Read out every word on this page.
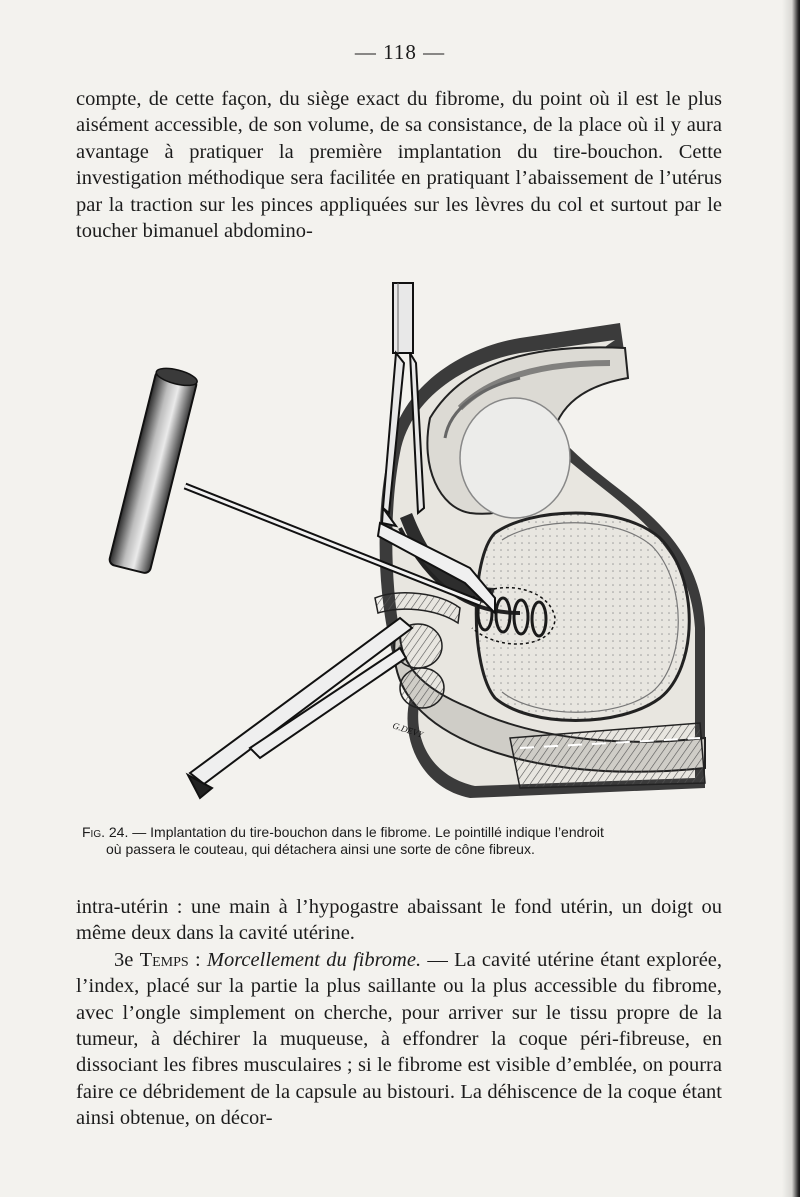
— 118 —

compte, de cette façon, du siège exact du fibrome, du point où il est le plus aisément accessible, de son volume, de sa consistance, de la place où il y aura avantage à pratiquer la première implantation du tire-bouchon. Cette investigation méthodique sera facilitée en pratiquant l’abaissement de l’utérus par la traction sur les pinces appliquées sur les lèvres du col et surtout par le toucher bimanuel abdomino-

G.DEVY
Fig. 24. — Implantation du tire-bouchon dans le fibrome. Le pointillé indique l’endroit
où passera le couteau, qui détachera ainsi une sorte de cône fibreux.

intra-utérin : une main à l’hypogastre abaissant le fond utérin, un doigt ou même deux dans la cavité utérine.

3e Temps : Morcellement du fibrome. — La cavité utérine étant explorée, l’index, placé sur la partie la plus saillante ou la plus accessible du fibrome, avec l’ongle simplement on cherche, pour arriver sur le tissu propre de la tumeur, à déchirer la muqueuse, à effondrer la coque péri-fibreuse, en dissociant les fibres musculaires ; si le fibrome est visible d’emblée, on pourra faire ce débridement de la capsule au bistouri. La déhiscence de la coque étant ainsi obtenue, on décor-
